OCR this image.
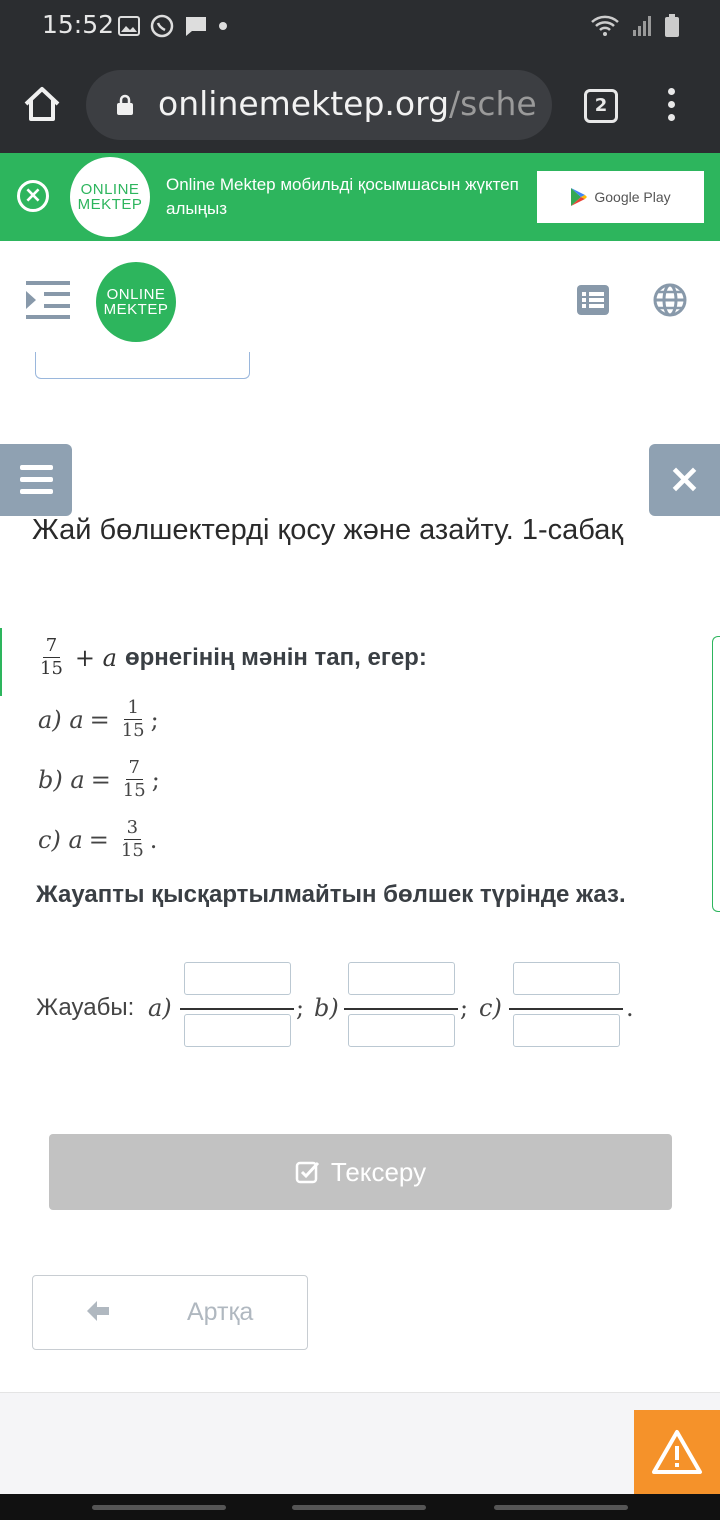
15:52
onlinemektep.org/sche	2
×	ONLINE
MEKTEP
Online Mektep мобильді қосымшасын жүктеп алыңыз
Google Play
ONLINE
MEKTEP
×
Жай бөлшектерді қосу және азайту. 1-сабақ
$\frac{7}{15} + a$ өрнегінің мәнін тап, егер:
a)
$a = \frac{1}{15}$ ;
b)
$a = \frac{7}{15}$ ;
c)
$a = \frac{3}{15}$ .
Жауапты қысқартылмайтын бөлшек түрінде жаз.
Жауабы: a)	; b)	; c)	.
Тексеру
Артқа
